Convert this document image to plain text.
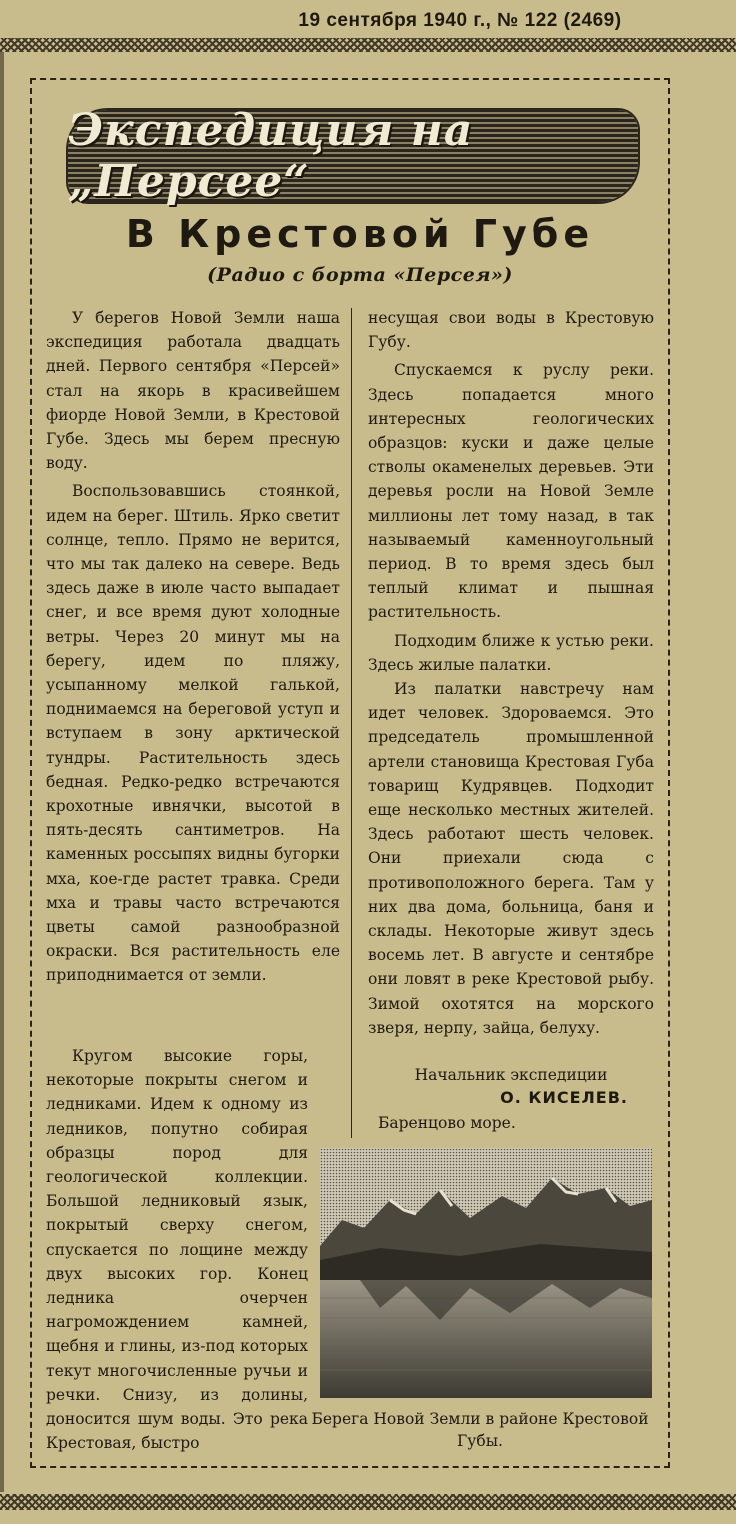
19 сентября 1940 г., № 122 (2469)
Экспедиция на „Персее“
В Крестовой Губе
(Радио с борта «Персея»)

У берегов Новой Земли наша экспедиция работала двадцать дней. Первого сентября «Персей» стал на якорь в красивейшем фиорде Новой Земли, в Крестовой Губе. Здесь мы берем пресную воду.

Воспользовавшись стоянкой, идем на берег. Штиль. Ярко светит солнце, тепло. Прямо не верится, что мы так далеко на севере. Ведь здесь даже в июле часто выпадает снег, и все время дуют холодные ветры. Через 20 минут мы на берегу, идем по пляжу, усыпанному мелкой галькой, поднимаемся на береговой уступ и вступаем в зону арктической тундры. Растительность здесь бедная. Редко-редко встречаются крохотные ивнячки, высотой в пять-десять сантиметров. На каменных россыпях видны бугорки мха, кое-где растет травка. Среди мха и травы часто встречаются цветы самой разнообразной окраски. Вся растительность еле приподнимается от земли.

Кругом высокие горы, некоторые покрыты снегом и ледниками. Идем к одному из ледников, попутно собирая образцы пород для геологической коллекции. Большой ледниковый язык, покрытый сверху снегом, спускается по лощине между двух высоких гор. Конец ледника очерчен нагромождением камней, щебня и глины, из-под которых текут многочисленные ручьи и речки. Снизу, из долины, доносится шум воды. Это река Крестовая, быстро

несущая свои воды в Крестовую Губу.

Спускаемся к руслу реки. Здесь попадается много интересных геологических образцов: куски и даже целые стволы окаменелых деревьев. Эти деревья росли на Новой Земле миллионы лет тому назад, в так называемый каменноугольный период. В то время здесь был теплый климат и пышная растительность.

Подходим ближе к устью реки. Здесь жилые палатки.

Из палатки навстречу нам идет человек. Здороваемся. Это председатель промышленной артели становища Крестовая Губа товарищ Кудрявцев. Подходит еще несколько местных жителей. Здесь работают шесть человек. Они приехали сюда с противоположного берега. Там у них два дома, больница, баня и склады. Некоторые живут здесь восемь лет. В августе и сентябре они ловят в реке Крестовой рыбу. Зимой охотятся на морского зверя, нерпу, зайца, белуху.

Начальник экспедиции
О. КИСЕЛЕВ.
Баренцово море.
Берега Новой Земли в районе Крестовой Губы.
